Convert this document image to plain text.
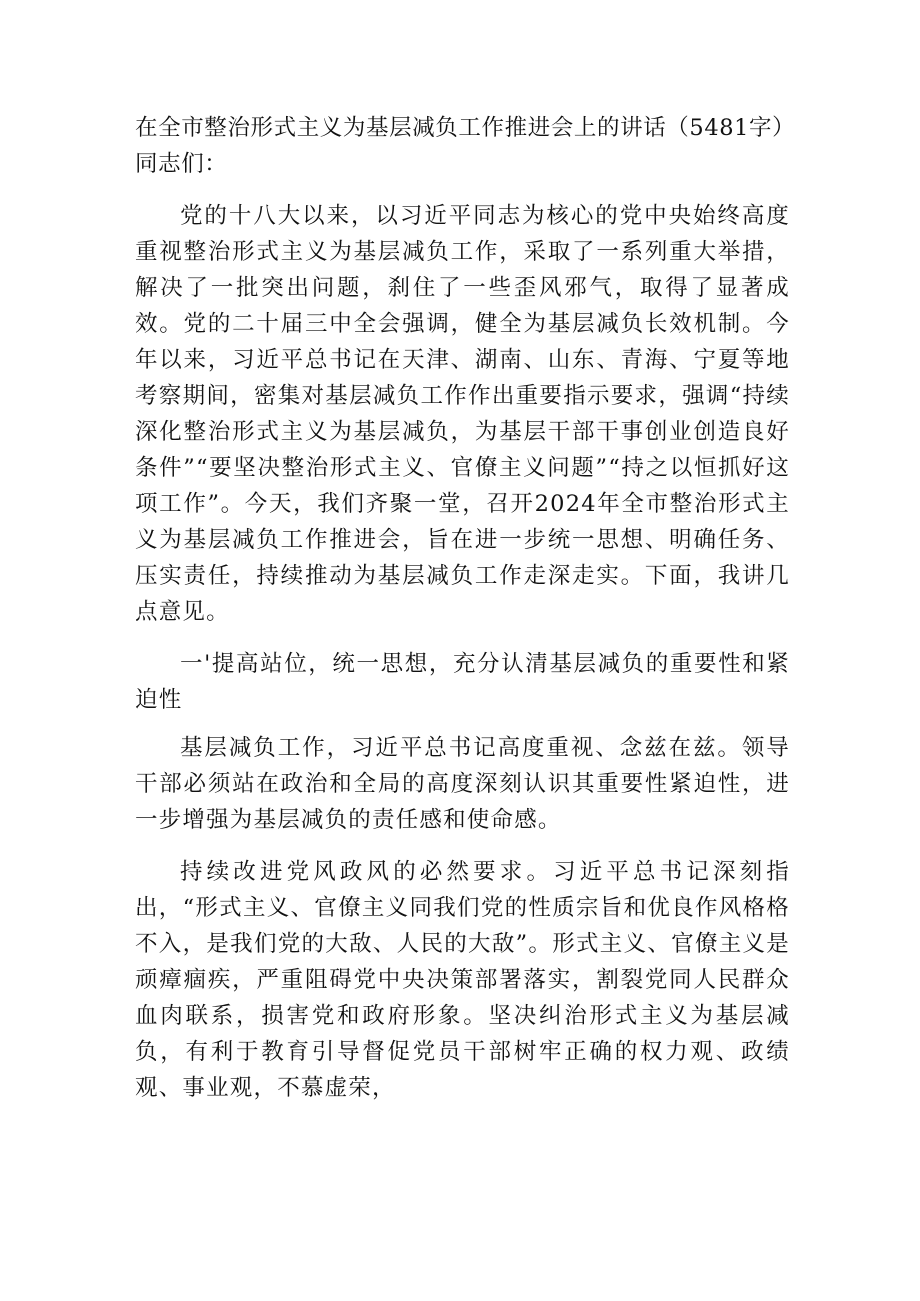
在全市整治形式主义为基层减负工作推进会上的讲话（5481字）

同志们：

党的十八大以来，以习近平同志为核心的党中央始终高度重视整治形式主义为基层减负工作，采取了一系列重大举措，解决了一批突出问题，刹住了一些歪风邪气，取得了显著成效。党的二十届三中全会强调，健全为基层减负长效机制。今年以来，习近平总书记在天津、湖南、山东、青海、宁夏等地考察期间，密集对基层减负工作作出重要指示要求，强调“持续深化整治形式主义为基层减负，为基层干部干事创业创造良好条件”“要坚决整治形式主义、官僚主义问题”“持之以恒抓好这项工作”。今天，我们齐聚一堂，召开2024年全市整治形式主义为基层减负工作推进会，旨在进一步统一思想、明确任务、压实责任，持续推动为基层减负工作走深走实。下面，我讲几点意见。

一'提高站位，统一思想，充分认清基层减负的重要性和紧迫性

基层减负工作，习近平总书记高度重视、念兹在兹。领导干部必须站在政治和全局的高度深刻认识其重要性紧迫性，进一步增强为基层减负的责任感和使命感。

持续改进党风政风的必然要求。习近平总书记深刻指出，“形式主义、官僚主义同我们党的性质宗旨和优良作风格格不入，是我们党的大敌、人民的大敌”。形式主义、官僚主义是顽瘴痼疾，严重阻碍党中央决策部署落实，割裂党同人民群众血肉联系，损害党和政府形象。坚决纠治形式主义为基层减负，有利于教育引导督促党员干部树牢正确的权力观、政绩观、事业观，不慕虚荣，
